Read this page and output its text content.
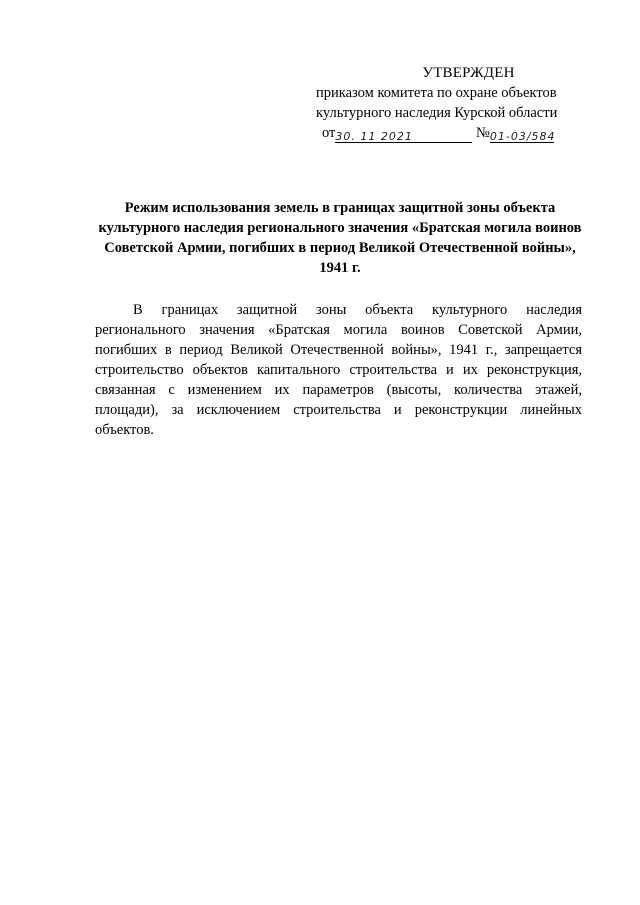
УТВЕРЖДЕН
приказом комитета по охране объектов
культурного наследия Курской области
от30. 11 2021	№01-03/584
Режим использования земель в границах защитной зоны объекта культурного наследия регионального значения «Братская могила воинов Советской Армии, погибших в период Великой Отечественной войны», 1941 г.
В границах защитной зоны объекта культурного наследия регионального значения «Братская могила воинов Советской Армии, погибших в период Великой Отечественной войны», 1941 г., запрещается строительство объектов капитального строительства и их реконструкция, связанная с изменением их параметров (высоты, количества этажей, площади), за исключением строительства и реконструкции линейных объектов.
